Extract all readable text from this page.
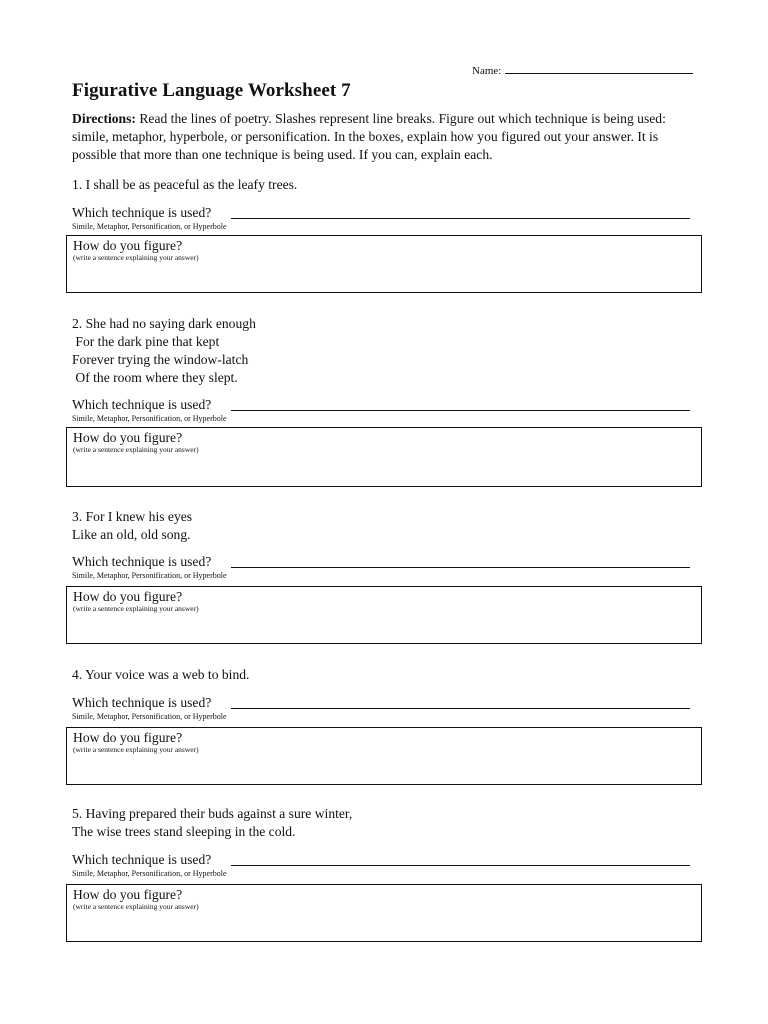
Name:
Figurative Language Worksheet 7
Directions: Read the lines of poetry. Slashes represent line breaks. Figure out which technique is being used: simile, metaphor, hyperbole, or personification. In the boxes, explain how you figured out your answer. It is possible that more than one technique is being used. If you can, explain each.
1. I shall be as peaceful as the leafy trees.
Which technique is used?
Simile, Metaphor, Personification, or Hyperbole
How do you figure?
(write a sentence explaining your answer)
2. She had no saying dark enough
For the dark pine that kept
Forever trying the window-latch
Of the room where they slept.
Which technique is used?
Simile, Metaphor, Personification, or Hyperbole
How do you figure?
(write a sentence explaining your answer)
3. For I knew his eyes
Like an old, old song.
Which technique is used?
Simile, Metaphor, Personification, or Hyperbole
How do you figure?
(write a sentence explaining your answer)
4. Your voice was a web to bind.
Which technique is used?
Simile, Metaphor, Personification, or Hyperbole
How do you figure?
(write a sentence explaining your answer)
5. Having prepared their buds against a sure winter,
The wise trees stand sleeping in the cold.
Which technique is used?
Simile, Metaphor, Personification, or Hyperbole
How do you figure?
(write a sentence explaining your answer)
